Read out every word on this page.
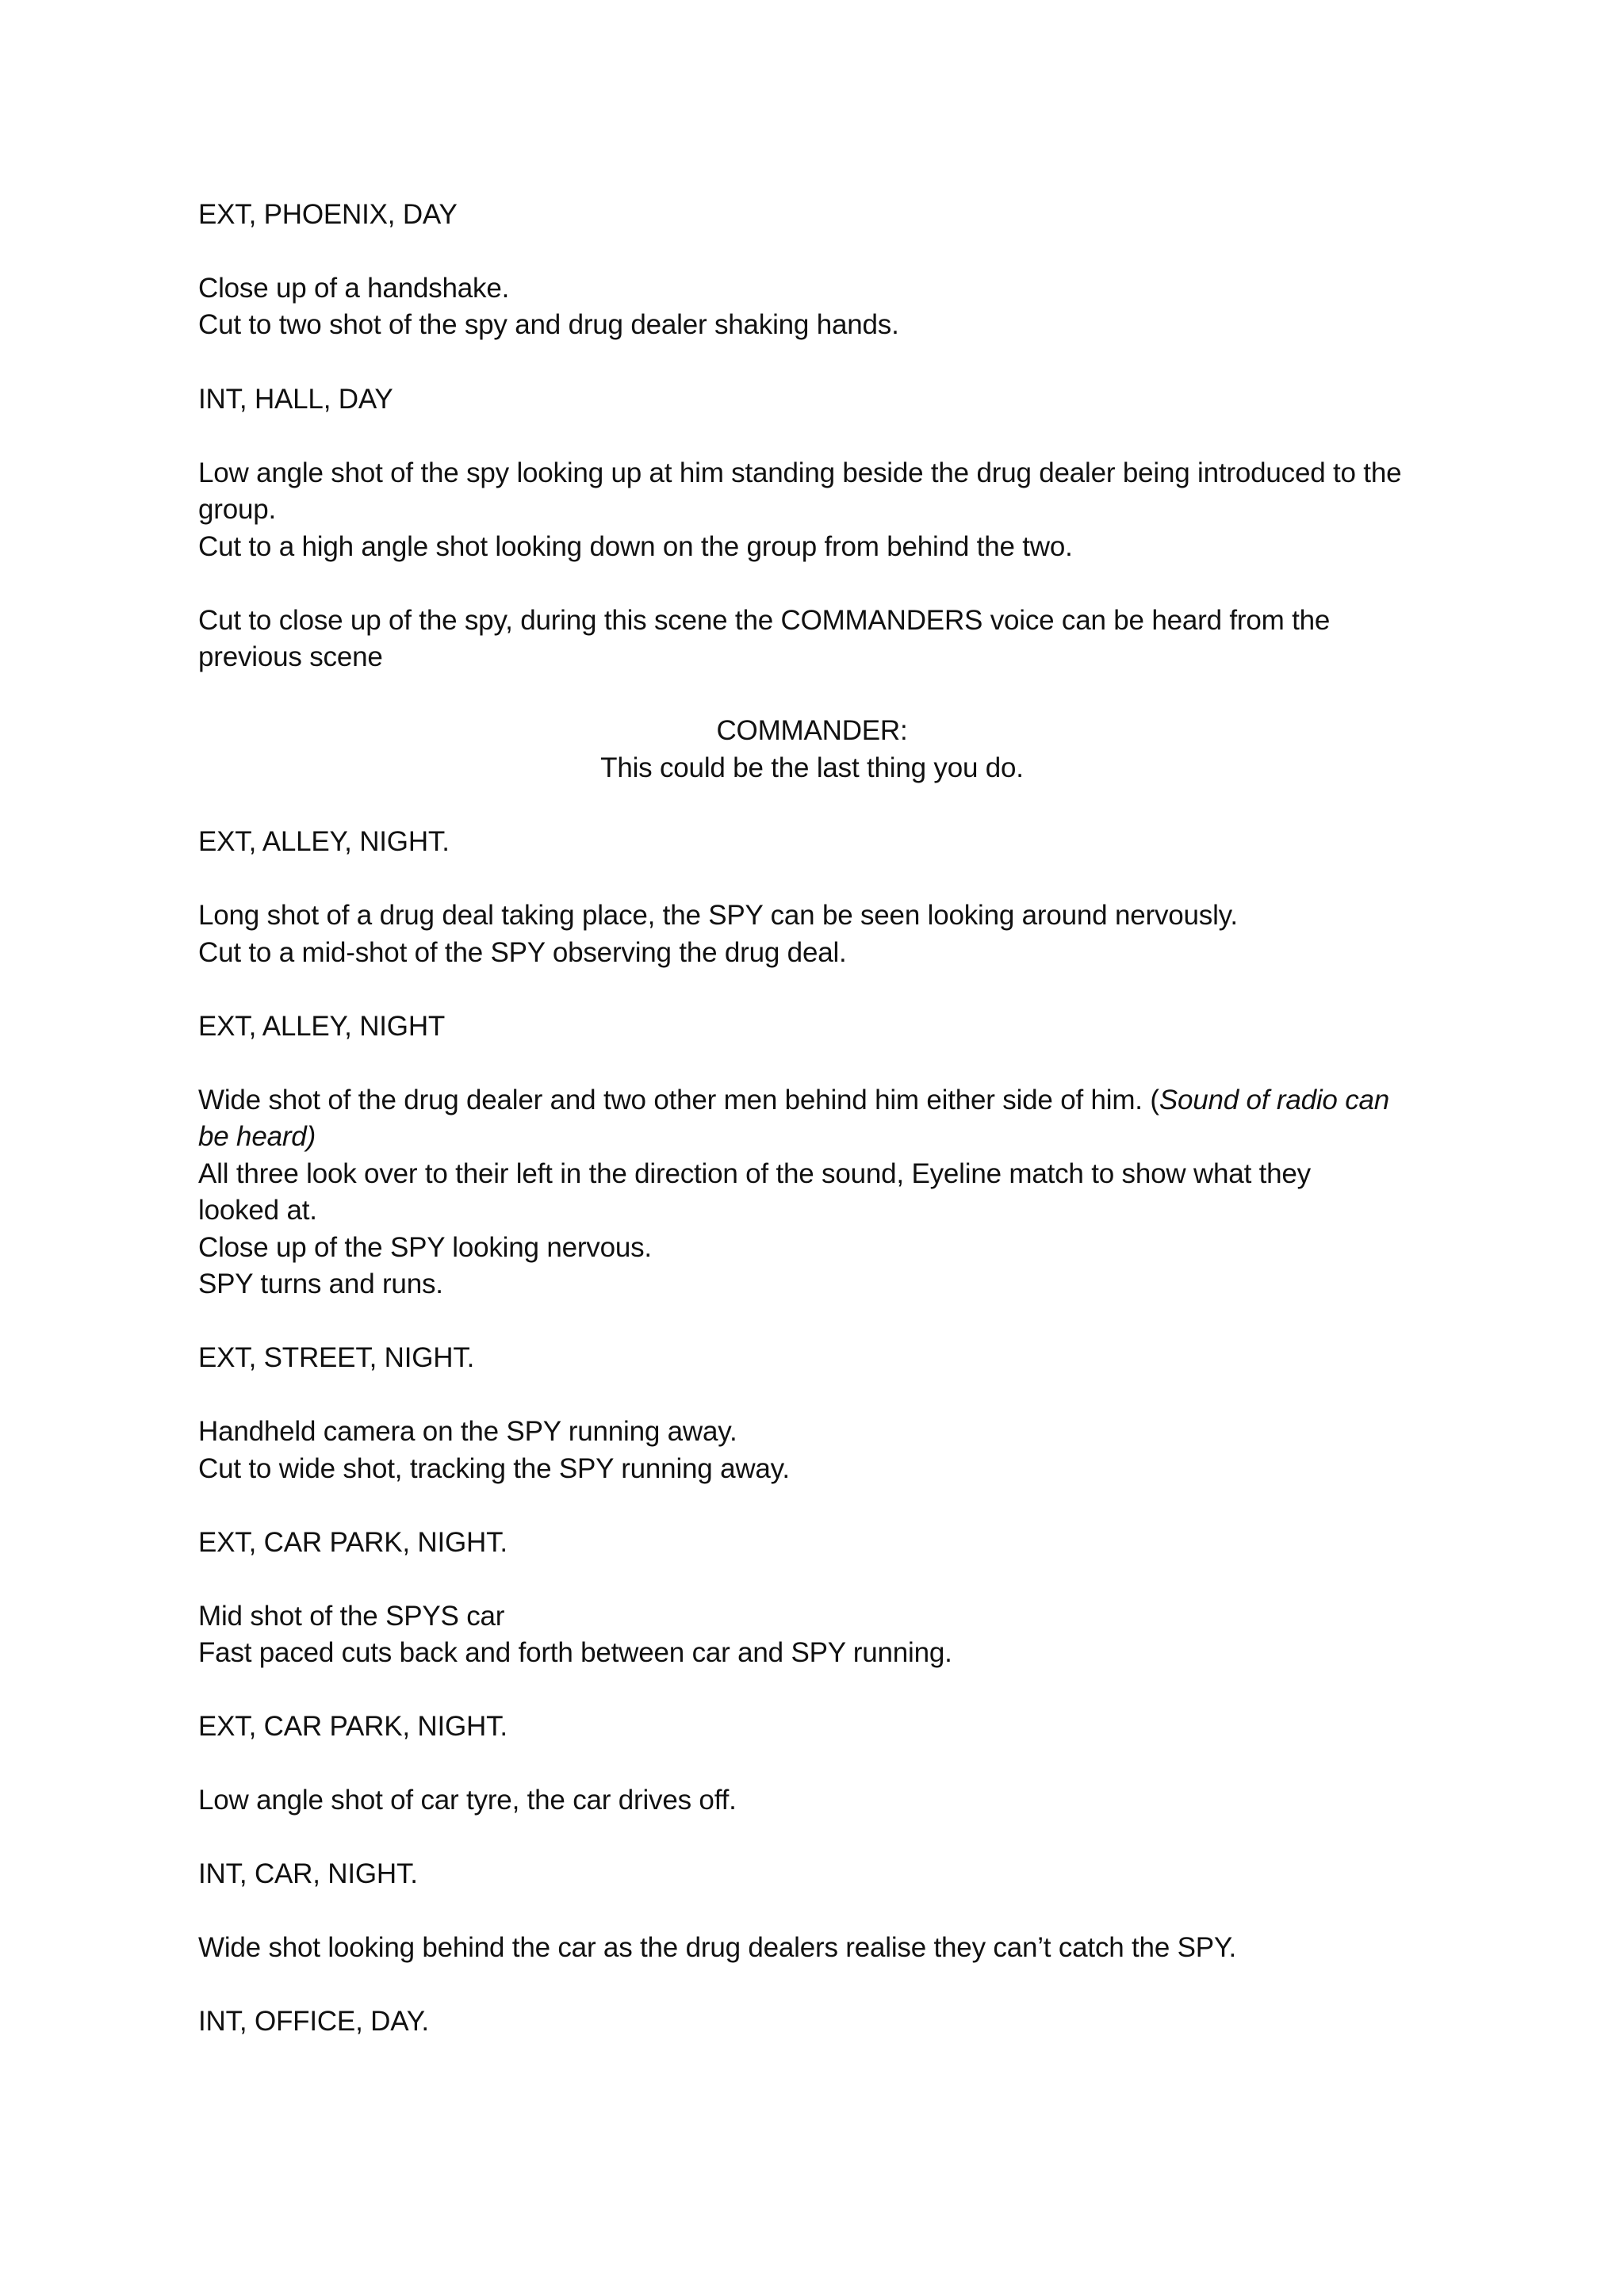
EXT, PHOENIX, DAY
Close up of a handshake.
Cut to two shot of the spy and drug dealer shaking hands.
INT, HALL, DAY
Low angle shot of the spy looking up at him standing beside the drug dealer being introduced to the
group.
Cut to a high angle shot looking down on the group from behind the two.
Cut to close up of the spy, during this scene the COMMANDERS voice can be heard from the
previous scene
COMMANDER:
This could be the last thing you do.
EXT, ALLEY, NIGHT.
Long shot of a drug deal taking place, the SPY can be seen looking around nervously.
Cut to a mid-shot of the SPY observing the drug deal.
EXT, ALLEY, NIGHT
Wide shot of the drug dealer and two other men behind him either side of him. (Sound of radio can
be heard)
All three look over to their left in the direction of the sound, Eyeline match to show what they
looked at.
Close up of the SPY looking nervous.
SPY turns and runs.
EXT, STREET, NIGHT.
Handheld camera on the SPY running away.
Cut to wide shot, tracking the SPY running away.
EXT, CAR PARK, NIGHT.
Mid shot of the SPYS car
Fast paced cuts back and forth between car and SPY running.
EXT, CAR PARK, NIGHT.
Low angle shot of car tyre, the car drives off.
INT, CAR, NIGHT.
Wide shot looking behind the car as the drug dealers realise they can’t catch the SPY.
INT, OFFICE, DAY.
